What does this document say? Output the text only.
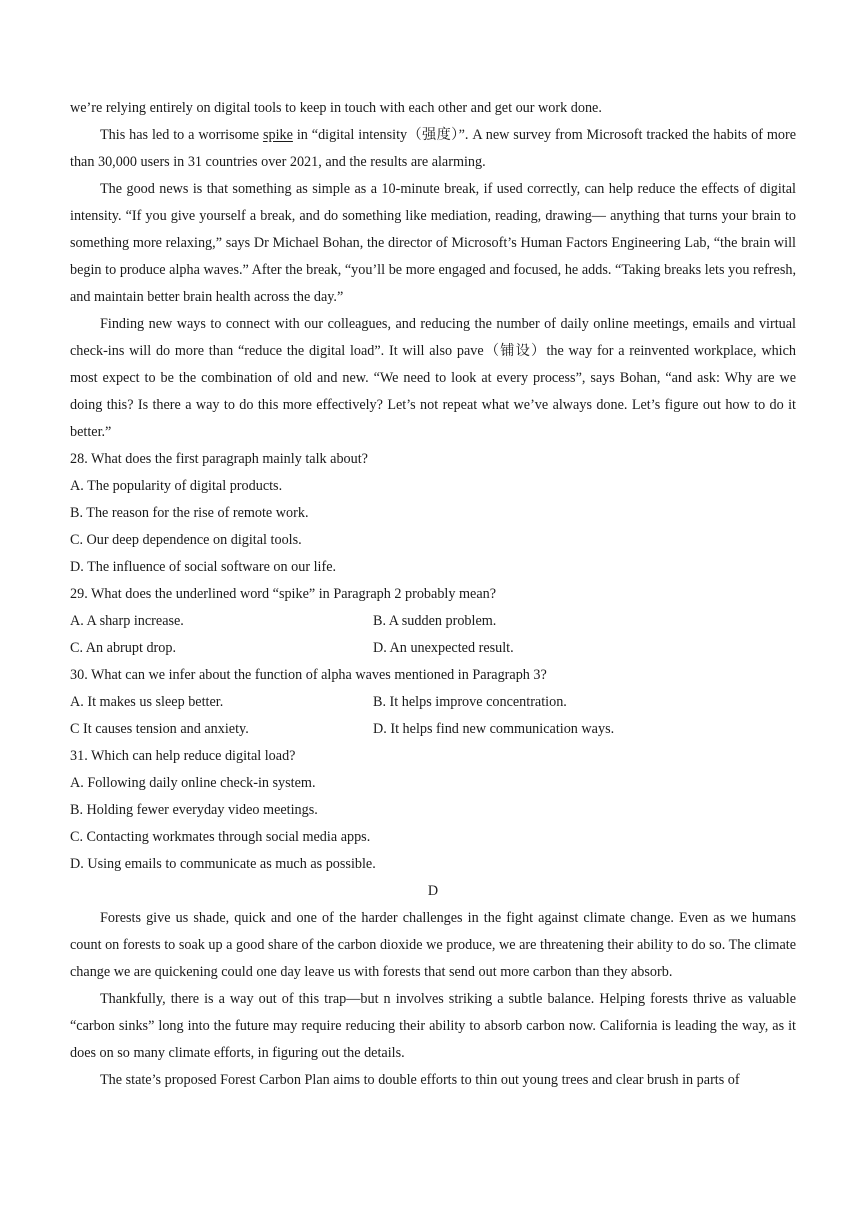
we’re relying entirely on digital tools to keep in touch with each other and get our work done.

This has led to a worrisome spike in “digital intensity（强度）”. A new survey from Microsoft tracked the habits of more than 30,000 users in 31 countries over 2021, and the results are alarming.

The good news is that something as simple as a 10-minute break, if used correctly, can help reduce the effects of digital intensity. “If you give yourself a break, and do something like mediation, reading, drawing— anything that turns your brain to something more relaxing,” says Dr Michael Bohan, the director of Microsoft’s Human Factors Engineering Lab, “the brain will begin to produce alpha waves.” After the break, “you’ll be more engaged and focused, he adds. “Taking breaks lets you refresh, and maintain better brain health across the day.”

Finding new ways to connect with our colleagues, and reducing the number of daily online meetings, emails and virtual check-ins will do more than “reduce the digital load”. It will also pave（铺设）the way for a reinvented workplace, which most expect to be the combination of old and new. “We need to look at every process”, says Bohan, “and ask: Why are we doing this? Is there a way to do this more effectively? Let’s not repeat what we’ve always done. Let’s figure out how to do it better.”

28. What does the first paragraph mainly talk about?

A. The popularity of digital products.

B. The reason for the rise of remote work.

C. Our deep dependence on digital tools.

D. The influence of social software on our life.

29. What does the underlined word “spike” in Paragraph 2 probably mean?

A. A sharp increase.	B. A sudden problem.
C. An abrupt drop.	D. An unexpected result.

30. What can we infer about the function of alpha waves mentioned in Paragraph 3?

A. It makes us sleep better.	B. It helps improve concentration.
C It causes tension and anxiety.	D. It helps find new communication ways.

31. Which can help reduce digital load?

A. Following daily online check-in system.

B. Holding fewer everyday video meetings.

C. Contacting workmates through social media apps.

D. Using emails to communicate as much as possible.

D

Forests give us shade, quick and one of the harder challenges in the fight against climate change. Even as we humans count on forests to soak up a good share of the carbon dioxide we produce, we are threatening their ability to do so. The climate change we are quickening could one day leave us with forests that send out more carbon than they absorb.

Thankfully, there is a way out of this trap—but n involves striking a subtle balance. Helping forests thrive as valuable “carbon sinks” long into the future may require reducing their ability to absorb carbon now. California is leading the way, as it does on so many climate efforts, in figuring out the details.

The state’s proposed Forest Carbon Plan aims to double efforts to thin out young trees and clear brush in parts of
